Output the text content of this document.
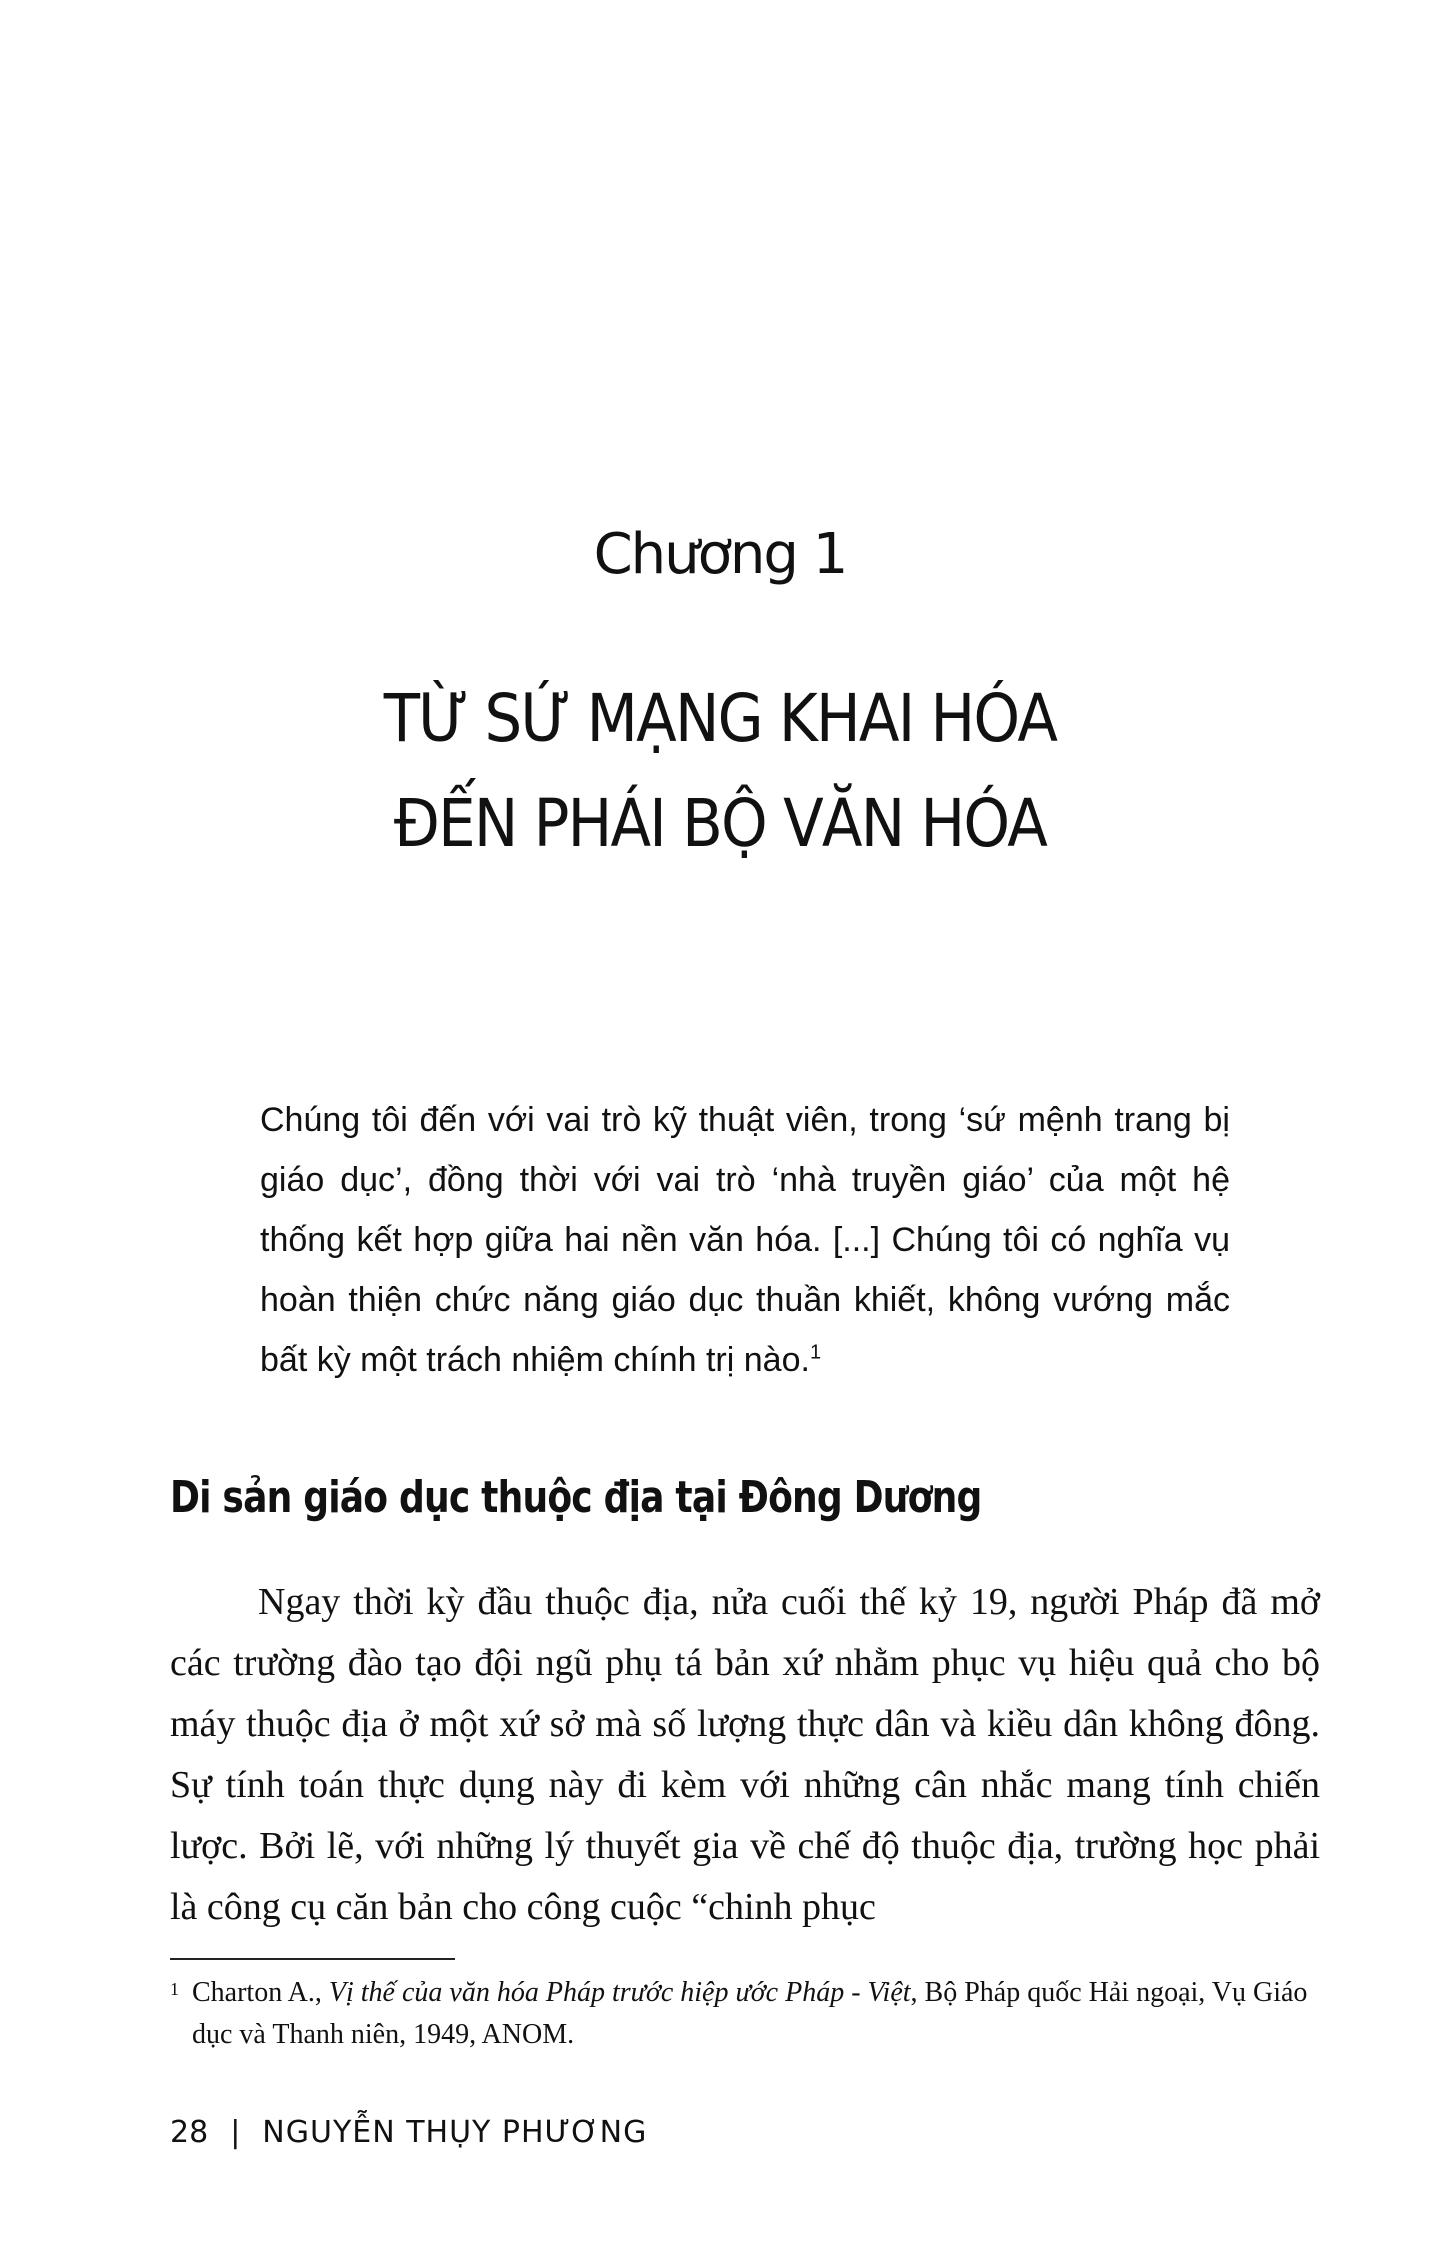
Chương 1
TỪ SỨ MẠNG KHAI HÓA
ĐẾN PHÁI BỘ VĂN HÓA
Chúng tôi đến với vai trò kỹ thuật viên, trong ‘sứ mệnh trang bị giáo dục’, đồng thời với vai trò ‘nhà truyền giáo’ của một hệ thống kết hợp giữa hai nền văn hóa. [...] Chúng tôi có nghĩa vụ hoàn thiện chức năng giáo dục thuần khiết, không vướng mắc bất kỳ một trách nhiệm chính trị nào.$^1$
Di sản giáo dục thuộc địa tại Đông Dương

Ngay thời kỳ đầu thuộc địa, nửa cuối thế kỷ 19, người Pháp đã mở các trường đào tạo đội ngũ phụ tá bản xứ nhằm phục vụ hiệu quả cho bộ máy thuộc địa ở một xứ sở mà số lượng thực dân và kiều dân không đông. Sự tính toán thực dụng này đi kèm với những cân nhắc mang tính chiến lược. Bởi lẽ, với những lý thuyết gia về chế độ thuộc địa, trường học phải là công cụ căn bản cho công cuộc “chinh phục

1 Charton A., Vị thế của văn hóa Pháp trước hiệp ước Pháp - Việt, Bộ Pháp quốc Hải ngoại, Vụ Giáo dục và Thanh niên, 1949, ANOM.
28 | NGUYỄN THỤY PHƯƠNG
